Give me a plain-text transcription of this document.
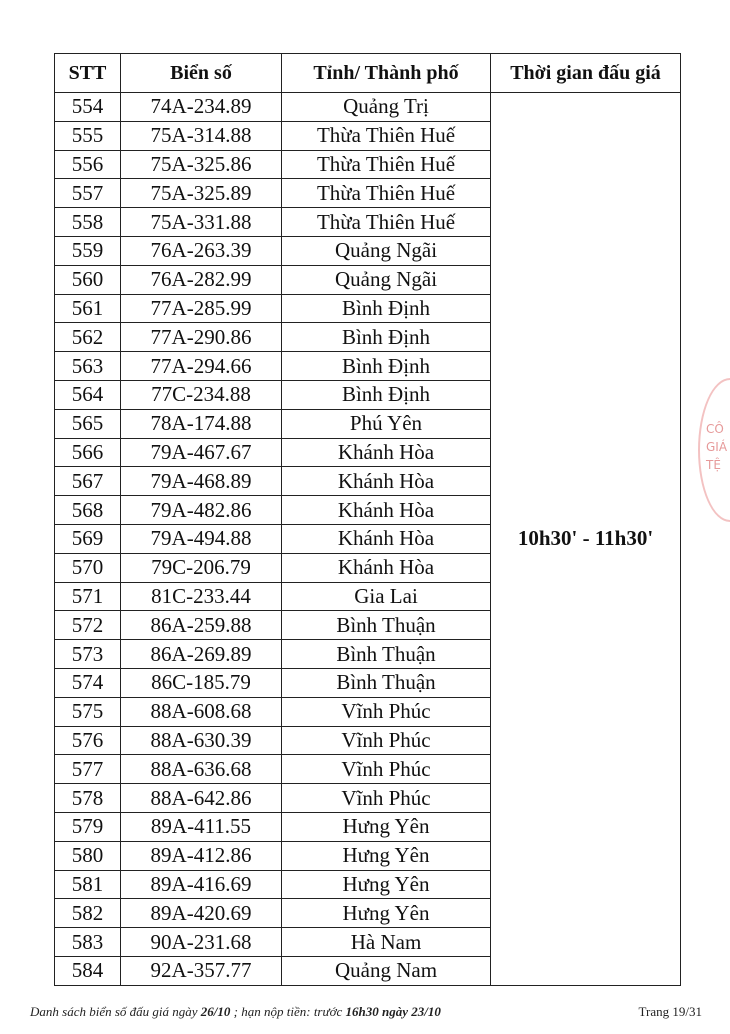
STT	Biển số	Tỉnh/ Thành phố	Thời gian đấu giá
554	74A-234.89	Quảng Trị	10h30' - 11h30'
555	75A-314.88	Thừa Thiên Huế	
556	75A-325.86	Thừa Thiên Huế	
557	75A-325.89	Thừa Thiên Huế	
558	75A-331.88	Thừa Thiên Huế	
559	76A-263.39	Quảng Ngãi	
560	76A-282.99	Quảng Ngãi	
561	77A-285.99	Bình Định	
562	77A-290.86	Bình Định	
563	77A-294.66	Bình Định	
564	77C-234.88	Bình Định	
565	78A-174.88	Phú Yên	
566	79A-467.67	Khánh Hòa	
567	79A-468.89	Khánh Hòa	
568	79A-482.86	Khánh Hòa	
569	79A-494.88	Khánh Hòa	
570	79C-206.79	Khánh Hòa	
571	81C-233.44	Gia Lai	
572	86A-259.88	Bình Thuận	
573	86A-269.89	Bình Thuận	
574	86C-185.79	Bình Thuận	
575	88A-608.68	Vĩnh Phúc	
576	88A-630.39	Vĩnh Phúc	
577	88A-636.68	Vĩnh Phúc	
578	88A-642.86	Vĩnh Phúc	
579	89A-411.55	Hưng Yên	
580	89A-412.86	Hưng Yên	
581	89A-416.69	Hưng Yên	
582	89A-420.69	Hưng Yên	
583	90A-231.68	Hà Nam	
584	92A-357.77	Quảng Nam	
CÔ
GIÁ
TỆ
Danh sách biển số đấu giá ngày 26/10 ; hạn nộp tiền: trước 16h30 ngày 23/10	Trang 19/31
